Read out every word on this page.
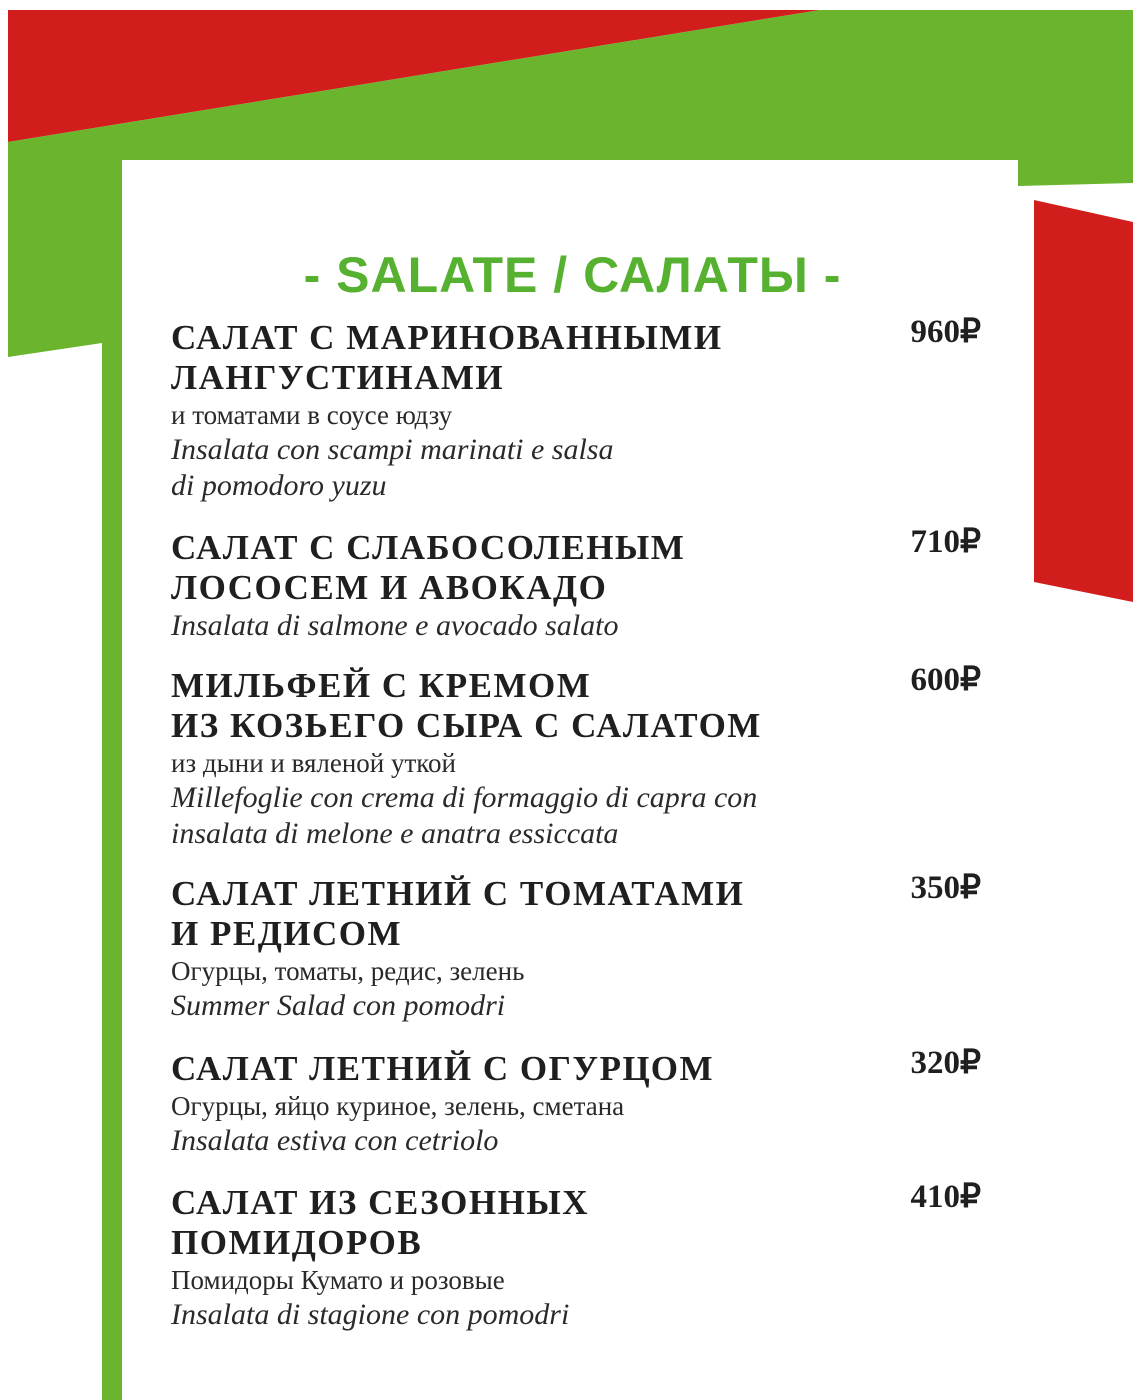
- SALATE / САЛАТЫ -
САЛАТ С МАРИНОВАННЫМИ
ЛАНГУСТИНАМИ
и томатами в соусе юдзу
Insalata con scampi marinati e salsa
di pomodoro yuzu
960₽
САЛАТ С СЛАБОСОЛЕНЫМ
ЛОСОСЕМ И АВОКАДО
Insalata di salmone e avocado salato
710₽
МИЛЬФЕЙ С КРЕМОМ
ИЗ КОЗЬЕГО СЫРА С САЛАТОМ
из дыни и вяленой уткой
Millefoglie con crema di formaggio di capra con
insalata di melone e anatra essiccata
600₽
САЛАТ ЛЕТНИЙ С ТОМАТАМИ
И РЕДИСОМ
Огурцы, томаты, редис, зелень
Summer Salad con pomodri
350₽
САЛАТ ЛЕТНИЙ С ОГУРЦОМ
Огурцы, яйцо куриное, зелень, сметана
Insalata estiva con cetriolo
320₽
САЛАТ ИЗ СЕЗОННЫХ
ПОМИДОРОВ
Помидоры Кумато и розовые
Insalata di stagione con pomodri
410₽
